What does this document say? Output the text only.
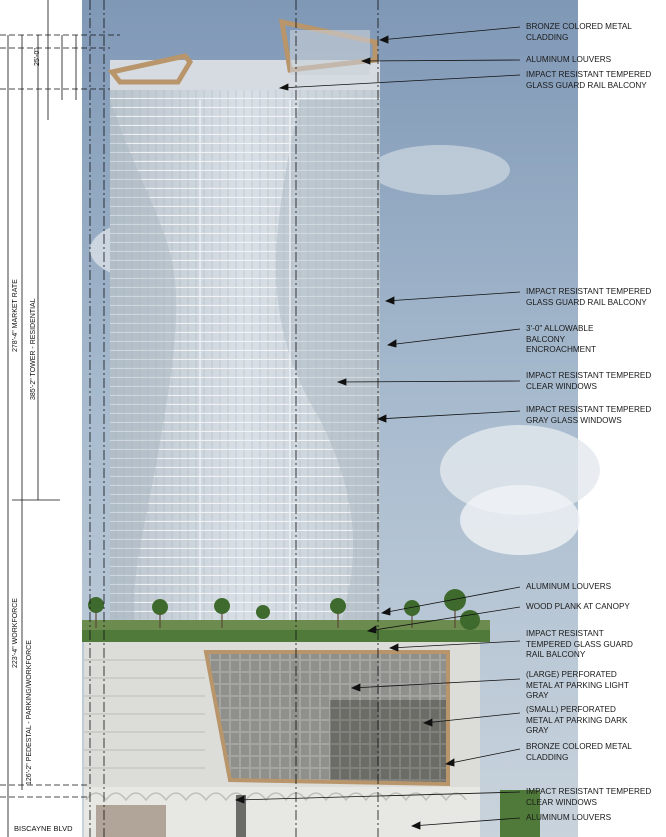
25'-0"
278'-4" MARKET RATE 385'-2" TOWER - RESIDENTIAL
223'-4" WORKFORCE
126'-2" PEDESTAL - PARKING/WORKFORCE
BISCAYNE BLVD
BRONZE COLORED METAL
CLADDING
ALUMINUM LOUVERS
IMPACT RESISTANT TEMPERED
GLASS GUARD RAIL BALCONY
IMPACT RESISTANT TEMPERED
GLASS GUARD RAIL BALCONY
3'-0" ALLOWABLE
BALCONY
ENCROACHMENT
IMPACT RESISTANT TEMPERED
CLEAR WINDOWS
IMPACT RESISTANT TEMPERED
GRAY GLASS WINDOWS
ALUMINUM LOUVERS
WOOD PLANK AT CANOPY
IMPACT RESISTANT
TEMPERED GLASS GUARD
RAIL BALCONY
(LARGE) PERFORATED
METAL AT PARKING LIGHT
GRAY
(SMALL) PERFORATED
METAL AT PARKING DARK
GRAY
BRONZE COLORED METAL
CLADDING
IMPACT RESISTANT TEMPERED
CLEAR WINDOWS
ALUMINUM LOUVERS
